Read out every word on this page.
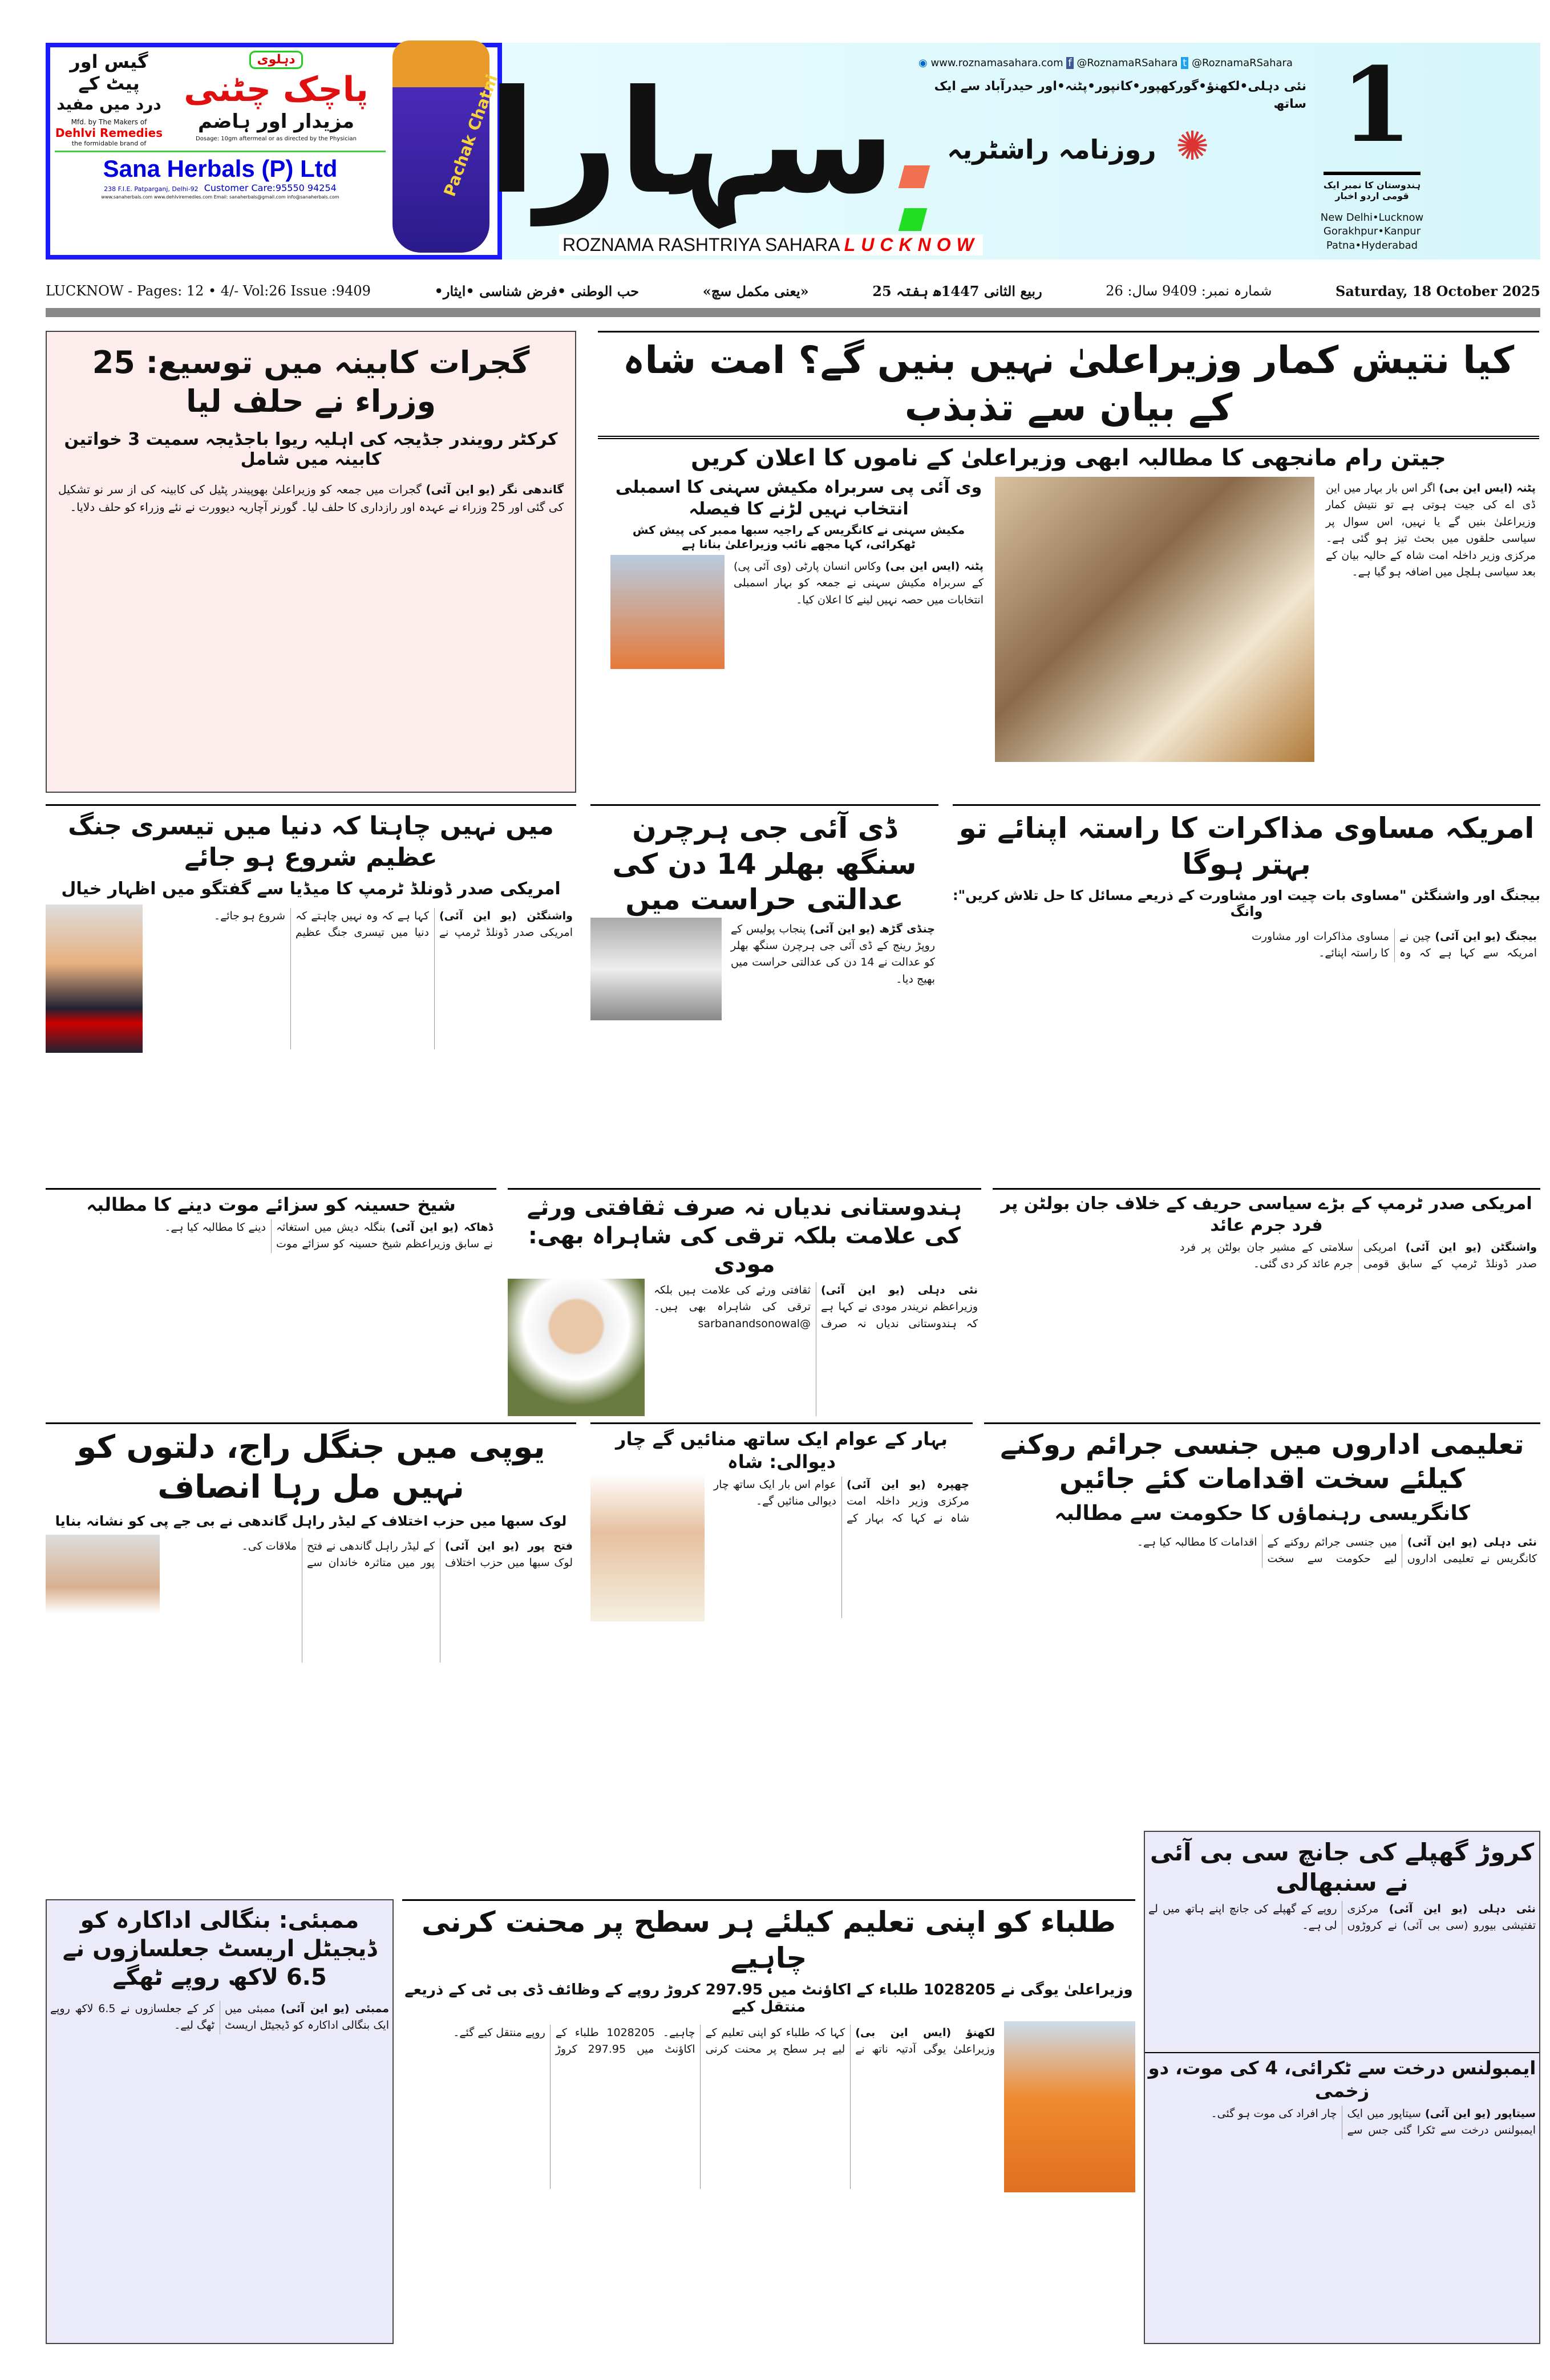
گیس اور پیٹ کے
درد میں مفید
Mfd. by The Makers of
Dehlvi Remedies
the formidable brand of
دہلوی
پاچک چٹنی
مزیدار اور ہاضم
Dosage: 10gm aftermeal or as directed by the Physician
Sana Herbals (P) Ltd
238 F.I.E. Patparganj, Delhi-92 Customer Care:95550 94254
www.sanaherbals.com www.dehlviremedies.com Email: sanaherbals@gmail.com info@sanaherbals.com	Pachak Chatni
سہارا ◉ www.roznamasahara.com f @RoznamaRSahara t @RoznamaRSahara
نئی دہلی•لکھنؤ•گورکھپور•کانپور•پٹنہ•اور حیدرآباد سے ایک ساتھ
روزنامہ راشٹریہ ✺
ROZNAMA RASHTRIYA SAHARA LUCKNOW
1
ہندوستان کا نمبر ایک قومی اردو اخبار
New Delhi•Lucknow
Gorakhpur•Kanpur
Patna•Hyderabad
LUCKNOW - Pages: 12 • 4/- Vol:26 Issue :9409	•حب الوطنی •فرض شناسی •ایثار	«یعنی مکمل سچ»	25 ربیع الثانی 1447ھ ہفتہ	شمارہ نمبر: 9409 سال: 26	Saturday, 18 October 2025
کیا نتیش کمار وزیراعلیٰ نہیں بنیں گے؟ امت شاہ کے بیان سے تذبذب
جیتن رام مانجھی کا مطالبہ ابھی وزیراعلیٰ کے ناموں کا اعلان کریں
پٹنہ (ایس این بی) اگر اس بار بہار میں این ڈی اے کی جیت ہوتی ہے تو نتیش کمار وزیراعلیٰ بنیں گے یا نہیں، اس سوال پر سیاسی حلقوں میں بحث تیز ہو گئی ہے۔ مرکزی وزیر داخلہ امت شاہ کے حالیہ بیان کے بعد سیاسی ہلچل میں اضافہ ہو گیا ہے۔
وی آئی پی سربراہ مکیش سہنی کا اسمبلی انتخاب نہیں لڑنے کا فیصلہ
مکیش سہنی نے کانگریس کے راجیہ سبھا ممبر کی پیش کش ٹھکرائی، کہا مجھے نائب وزیراعلیٰ بنانا ہے
پٹنہ (ایس این بی) وکاس انسان پارٹی (وی آئی پی) کے سربراہ مکیش سہنی نے جمعہ کو بہار اسمبلی انتخابات میں حصہ نہیں لینے کا اعلان کیا۔
گجرات کابینہ میں توسیع: 25 وزراء نے حلف لیا
کرکٹر رویندر جڈیجہ کی اہلیہ ریوا باجڈیجہ سمیت 3 خواتین کابینہ میں شامل
گاندھی نگر (یو این آئی) گجرات میں جمعہ کو وزیراعلیٰ بھوپیندر پٹیل کی کابینہ کی از سر نو تشکیل کی گئی اور 25 وزراء نے عہدہ اور رازداری کا حلف لیا۔ گورنر آچاریہ دیوورت نے نئے وزراء کو حلف دلایا۔
میں نہیں چاہتا کہ دنیا میں تیسری جنگ عظیم شروع ہو جائے
امریکی صدر ڈونلڈ ٹرمپ کا میڈیا سے گفتگو میں اظہار خیال
واشنگٹن (یو این آئی) امریکی صدر ڈونلڈ ٹرمپ نے کہا ہے کہ وہ نہیں چاہتے کہ دنیا میں تیسری جنگ عظیم شروع ہو جائے۔
ڈی آئی جی ہرچرن سنگھ بھلر 14 دن کی عدالتی حراست میں
چنڈی گڑھ (یو این آئی) پنجاب پولیس کے روپڑ رینج کے ڈی آئی جی ہرچرن سنگھ بھلر کو عدالت نے 14 دن کی عدالتی حراست میں بھیج دیا۔
امریکہ مساوی مذاکرات کا راستہ اپنائے تو بہتر ہوگا
بیجنگ اور واشنگٹن "مساوی بات چیت اور مشاورت کے ذریعے مسائل کا حل تلاش کریں": وانگ
بیجنگ (یو این آئی) چین نے امریکہ سے کہا ہے کہ وہ مساوی مذاکرات اور مشاورت کا راستہ اپنائے۔
شیخ حسینہ کو سزائے موت دینے کا مطالبہ
ڈھاکہ (یو این آئی) بنگلہ دیش میں استغاثہ نے سابق وزیراعظم شیخ حسینہ کو سزائے موت دینے کا مطالبہ کیا ہے۔
ہندوستانی ندیاں نہ صرف ثقافتی ورثے کی علامت بلکہ ترقی کی شاہراہ بھی: مودی
نئی دہلی (یو این آئی) وزیراعظم نریندر مودی نے کہا ہے کہ ہندوستانی ندیاں نہ صرف ثقافتی ورثے کی علامت ہیں بلکہ ترقی کی شاہراہ بھی ہیں۔ @sarbanandsonowal
امریکی صدر ٹرمپ کے بڑے سیاسی حریف کے خلاف جان بولٹن پر فرد جرم عائد
واشنگٹن (یو این آئی) امریکی صدر ڈونلڈ ٹرمپ کے سابق قومی سلامتی کے مشیر جان بولٹن پر فرد جرم عائد کر دی گئی۔
یوپی میں جنگل راج، دلتوں کو نہیں مل رہا انصاف
لوک سبھا میں حزب اختلاف کے لیڈر راہل گاندھی نے بی جے پی کو نشانہ بنایا
فتح پور (یو این آئی) لوک سبھا میں حزب اختلاف کے لیڈر راہل گاندھی نے فتح پور میں متاثرہ خاندان سے ملاقات کی۔
بہار کے عوام ایک ساتھ منائیں گے چار دیوالی: شاہ
چھپرہ (یو این آئی) مرکزی وزیر داخلہ امت شاہ نے کہا کہ بہار کے عوام اس بار ایک ساتھ چار دیوالی منائیں گے۔
تعلیمی اداروں میں جنسی جرائم روکنے کیلئے سخت اقدامات کئے جائیں
کانگریسی رہنماؤں کا حکومت سے مطالبہ
نئی دہلی (یو این آئی) کانگریس نے تعلیمی اداروں میں جنسی جرائم روکنے کے لیے حکومت سے سخت اقدامات کا مطالبہ کیا ہے۔
کروڑ گھپلے کی جانچ سی بی آئی نے سنبھالی
نئی دہلی (یو این آئی) مرکزی تفتیشی بیورو (سی بی آئی) نے کروڑوں روپے کے گھپلے کی جانچ اپنے ہاتھ میں لے لی ہے۔
ایمبولنس درخت سے ٹکرائی، 4 کی موت، دو زخمی
سیتاپور (یو این آئی) سیتاپور میں ایک ایمبولنس درخت سے ٹکرا گئی جس سے چار افراد کی موت ہو گئی۔
ممبئی: بنگالی اداکارہ کو ڈیجیٹل اریسٹ جعلسازوں نے 6.5 لاکھ روپے ٹھگے
ممبئی (یو این آئی) ممبئی میں ایک بنگالی اداکارہ کو ڈیجیٹل اریسٹ کر کے جعلسازوں نے 6.5 لاکھ روپے ٹھگ لیے۔
طلباء کو اپنی تعلیم کیلئے ہر سطح پر محنت کرنی چاہیے
وزیراعلیٰ یوگی نے 1028205 طلباء کے اکاؤنٹ میں 297.95 کروڑ روپے کے وظائف ڈی بی ٹی کے ذریعے منتقل کیے
لکھنؤ (ایس این بی) وزیراعلیٰ یوگی آدتیہ ناتھ نے کہا کہ طلباء کو اپنی تعلیم کے لیے ہر سطح پر محنت کرنی چاہیے۔ 1028205 طلباء کے اکاؤنٹ میں 297.95 کروڑ روپے منتقل کیے گئے۔
